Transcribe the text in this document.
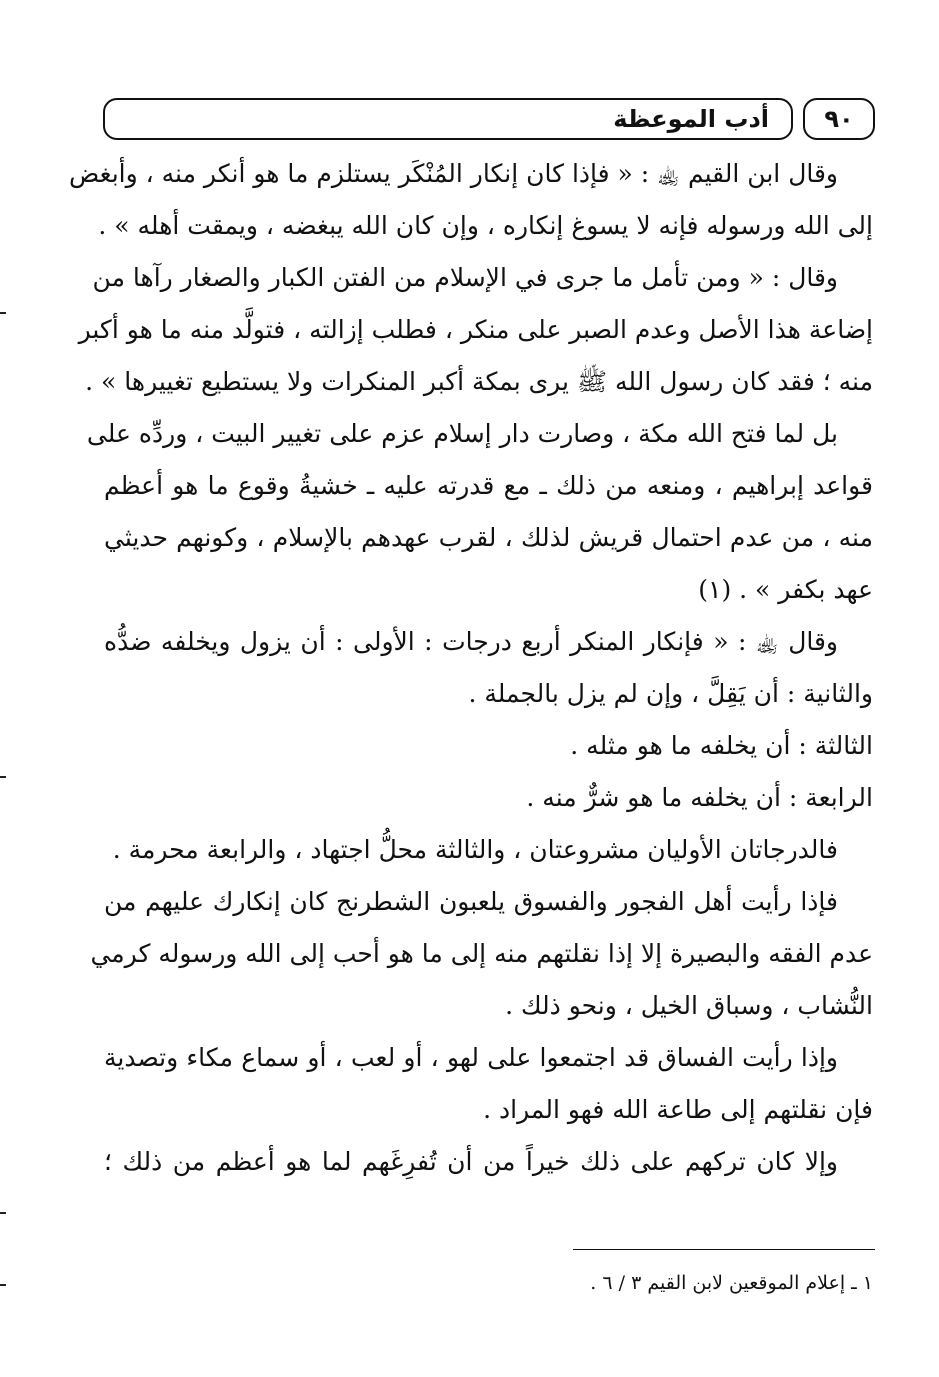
أدب الموعظة ٩٠
وقال ابن القيم ﵀ : « فإذا كان إنكار المُنْكَر يستلزم ما هو أنكر منه ، وأبغض
إلى الله ورسوله فإنه لا يسوغ إنكاره ، وإن كان الله يبغضه ، ويمقت أهله » .
وقال : « ومن تأمل ما جرى في الإسلام من الفتن الكبار والصغار رآها من
إضاعة هذا الأصل وعدم الصبر على منكر ، فطلب إزالته ، فتولَّد منه ما هو أكبر
منه ؛ فقد كان رسول الله ﷺ يرى بمكة أكبر المنكرات ولا يستطيع تغييرها » .
بل لما فتح الله مكة ، وصارت دار إسلام عزم على تغيير البيت ، وردِّه على
قواعد إبراهيم ، ومنعه من ذلك ـ مع قدرته عليه ـ خشيةُ وقوع ما هو أعظم
منه ، من عدم احتمال قريش لذلك ، لقرب عهدهم بالإسلام ، وكونهم حديثي
عهد بكفر » . (١)
وقال ﵀ : « فإنكار المنكر أربع درجات : الأولى : أن يزول ويخلفه ضدُّه
والثانية : أن يَقِلَّ ، وإن لم يزل بالجملة .
الثالثة : أن يخلفه ما هو مثله .
الرابعة : أن يخلفه ما هو شرٌّ منه .
فالدرجاتان الأوليان مشروعتان ، والثالثة محلُّ اجتهاد ، والرابعة محرمة .
فإذا رأيت أهل الفجور والفسوق يلعبون الشطرنج كان إنكارك عليهم من
عدم الفقه والبصيرة إلا إذا نقلتهم منه إلى ما هو أحب إلى الله ورسوله كرمي
النُّشاب ، وسباق الخيل ، ونحو ذلك .
وإذا رأيت الفساق قد اجتمعوا على لهو ، أو لعب ، أو سماع مكاء وتصدية
فإن نقلتهم إلى طاعة الله فهو المراد .
وإلا كان تركهم على ذلك خيراً من أن تُفرِغَهم لما هو أعظم من ذلك ؛
١ ـ إعلام الموقعين لابن القيم ٣ / ٦ .
